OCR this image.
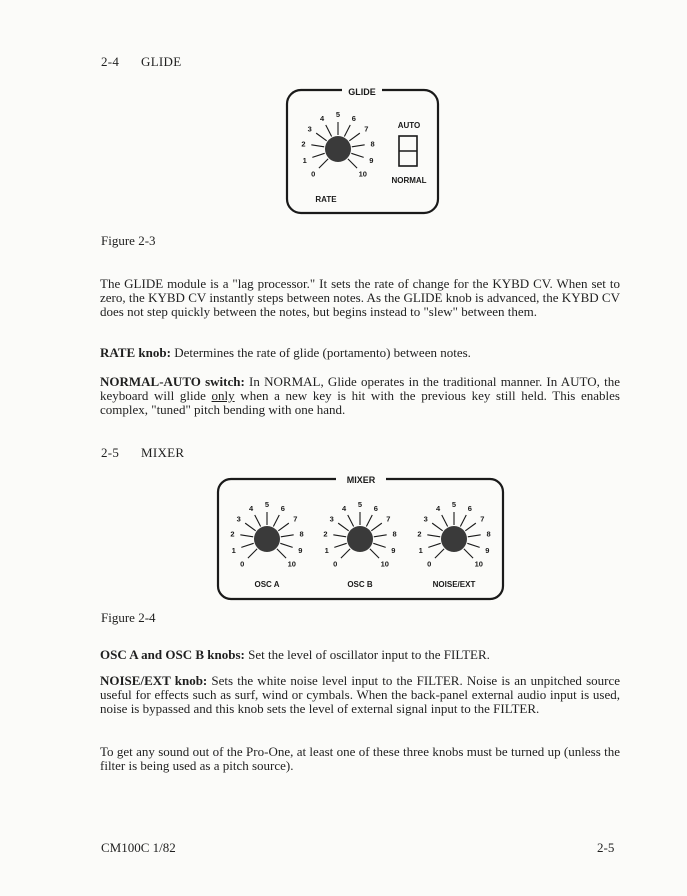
2-4 GLIDE
GLIDE
0
1
2
3
4 5 6
7
8
9
10
RATE
AUTO
NORMAL
Figure 2-3
The GLIDE module is a "lag processor." It sets the rate of change for the KYBD CV. When set to zero, the KYBD CV instantly steps between notes. As the GLIDE knob is advanced, the KYBD CV does not step quickly between the notes, but begins instead to "slew" between them.
RATE knob: Determines the rate of glide (portamento) between notes.
NORMAL-AUTO switch: In NORMAL, Glide operates in the traditional manner. In AUTO, the keyboard will glide only when a new key is hit with the previous key still held. This enables complex, "tuned" pitch bending with one hand.
2-5 MIXER
MIXER
0
1
2
3
4 5 6
7
8
9
10	0
1
2
3
4 5 6
7
8
9
10	0
1
2
3
4 5 6
7
8
9
10
OSC A	OSC B	NOISE/EXT
Figure 2-4
OSC A and OSC B knobs: Set the level of oscillator input to the FILTER.
NOISE/EXT knob: Sets the white noise level input to the FILTER. Noise is an unpitched source useful for effects such as surf, wind or cymbals. When the back-panel external audio input is used, noise is bypassed and this knob sets the level of external signal input to the FILTER.
To get any sound out of the Pro-One, at least one of these three knobs must be turned up (unless the filter is being used as a pitch source).
CM100C 1/82	2-5
